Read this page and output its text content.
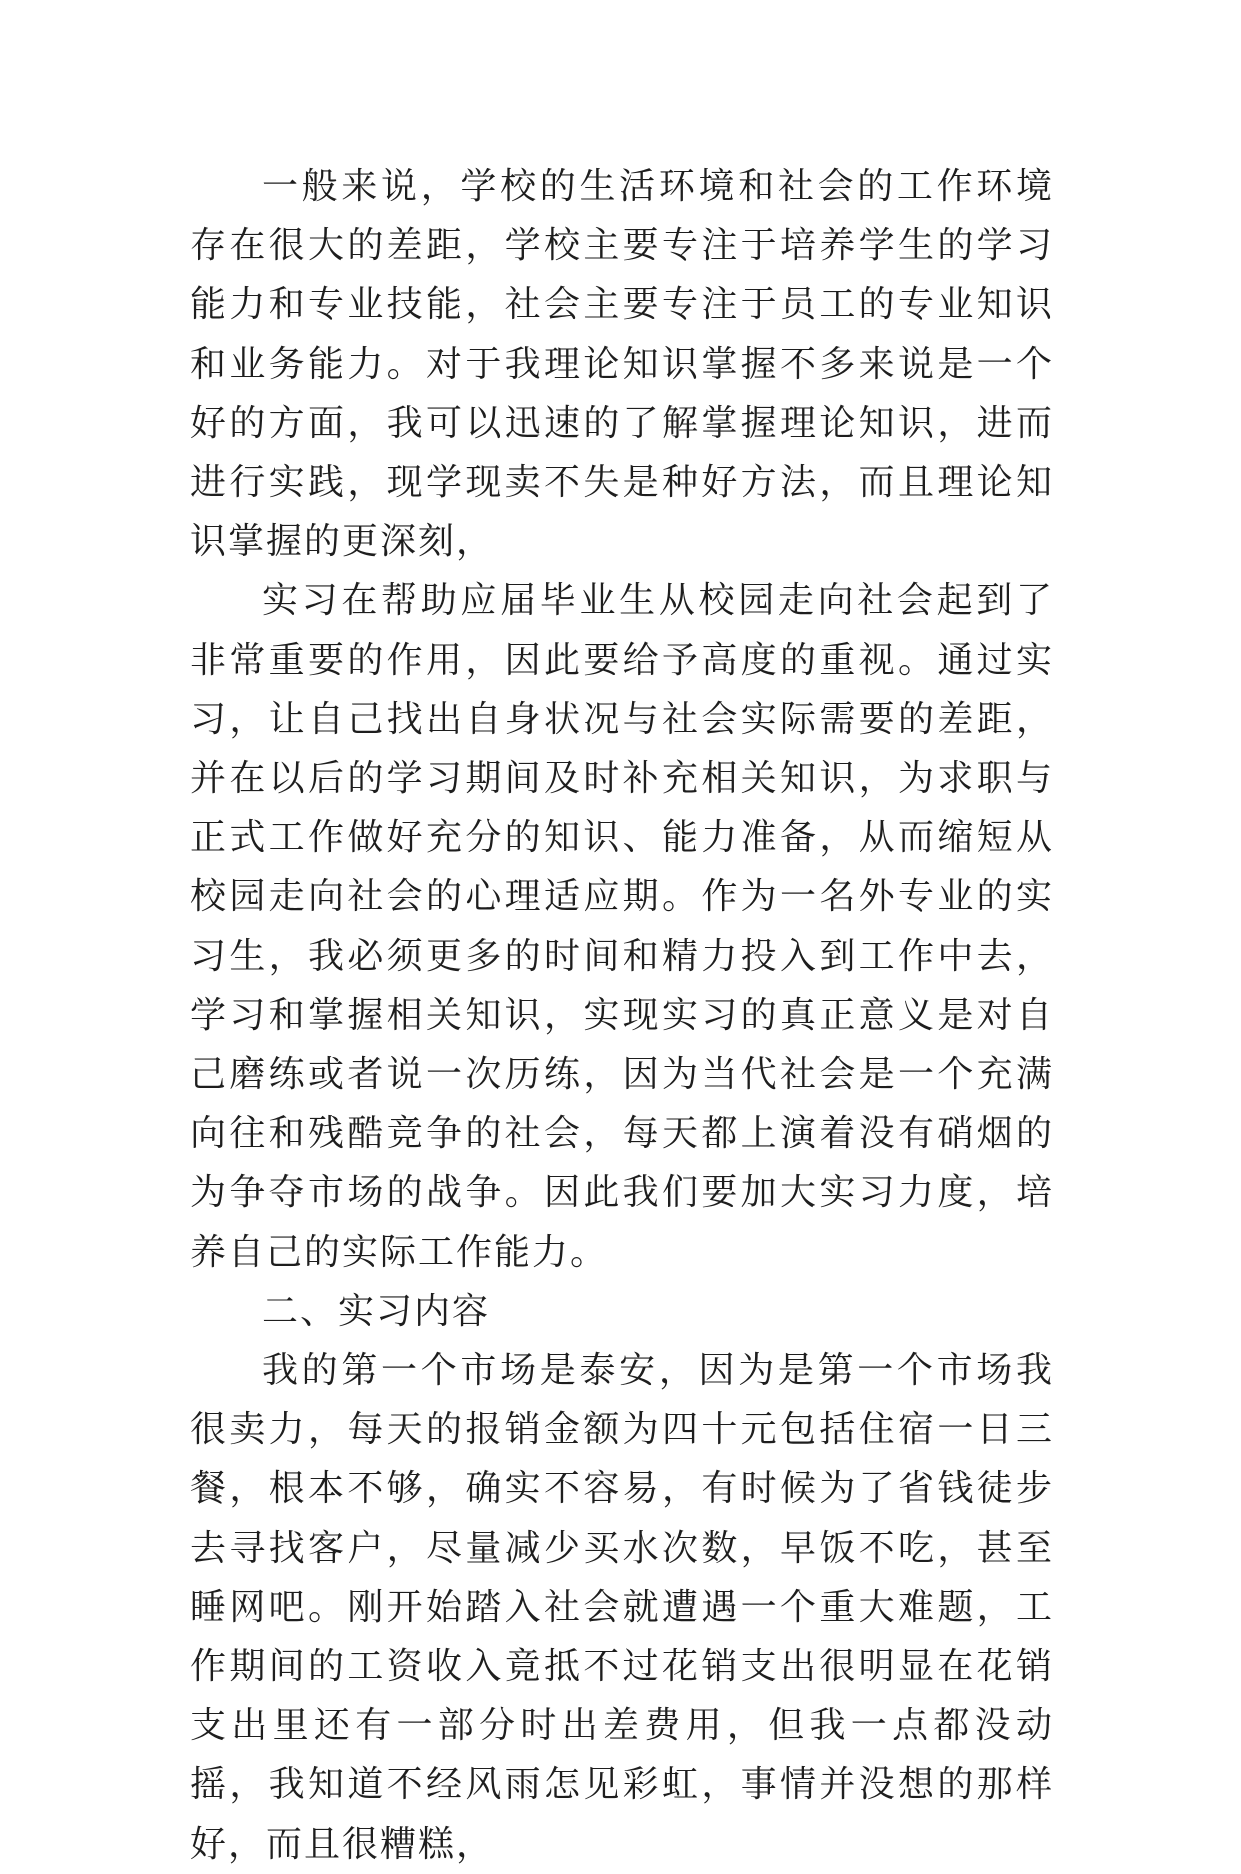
一般来说，学校的生活环境和社会的工作环境存在很大的差距，学校主要专注于培养学生的学习能力和专业技能，社会主要专注于员工的专业知识和业务能力。对于我理论知识掌握不多来说是一个好的方面，我可以迅速的了解掌握理论知识，进而进行实践，现学现卖不失是种好方法，而且理论知识掌握的更深刻，

实习在帮助应届毕业生从校园走向社会起到了非常重要的作用，因此要给予高度的重视。通过实习，让自己找出自身状况与社会实际需要的差距，并在以后的学习期间及时补充相关知识，为求职与正式工作做好充分的知识、能力准备，从而缩短从校园走向社会的心理适应期。作为一名外专业的实习生，我必须更多的时间和精力投入到工作中去，学习和掌握相关知识，实现实习的真正意义是对自己磨练或者说一次历练，因为当代社会是一个充满向往和残酷竞争的社会，每天都上演着没有硝烟的为争夺市场的战争。因此我们要加大实习力度，培养自己的实际工作能力。

二、实习内容

我的第一个市场是泰安，因为是第一个市场我很卖力，每天的报销金额为四十元包括住宿一日三餐，根本不够，确实不容易，有时候为了省钱徒步去寻找客户，尽量减少买水次数，早饭不吃，甚至睡网吧。刚开始踏入社会就遭遇一个重大难题，工作期间的工资收入竟抵不过花销支出很明显在花销支出里还有一部分时出差费用，但我一点都没动摇，我知道不经风雨怎见彩虹，事情并没想的那样好，而且很糟糕，
